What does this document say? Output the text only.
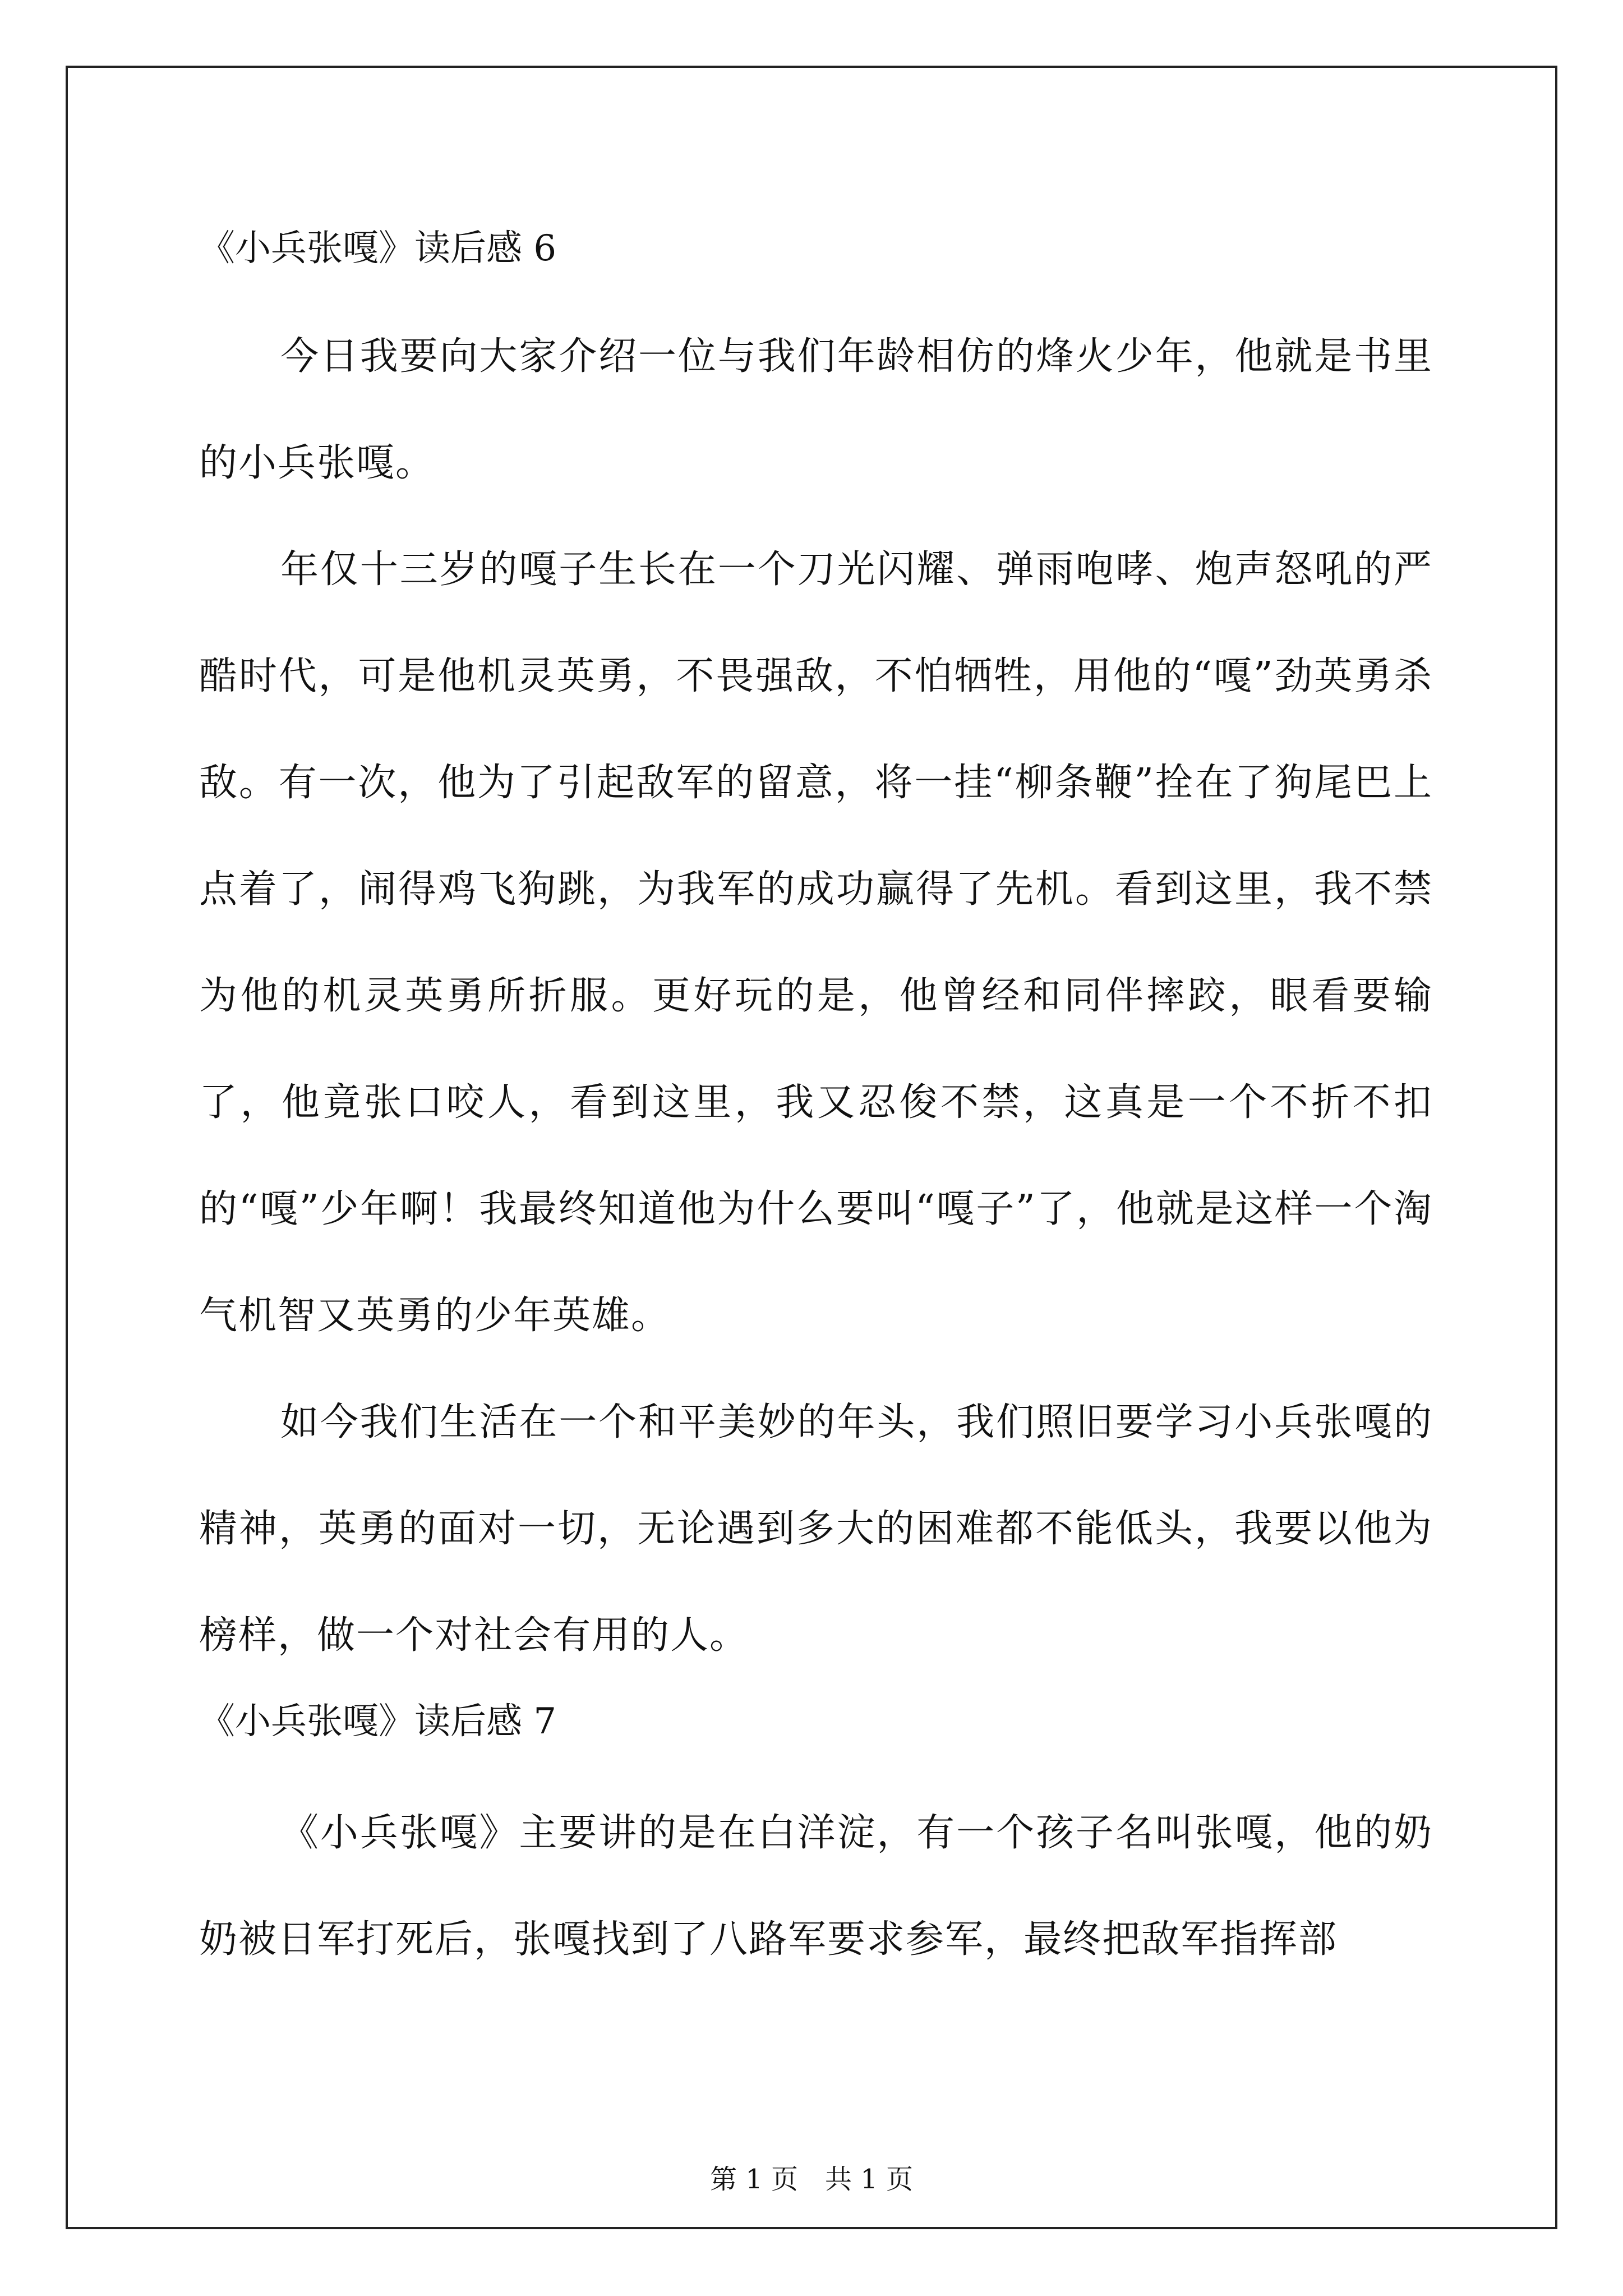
《小兵张嘎》读后感 6

今日我要向大家介绍一位与我们年龄相仿的烽火少年，他就是书里的小兵张嘎。

年仅十三岁的嘎子生长在一个刀光闪耀、弹雨咆哮、炮声怒吼的严酷时代，可是他机灵英勇，不畏强敌，不怕牺牲，用他的“嘎”劲英勇杀敌。有一次，他为了引起敌军的留意，将一挂“柳条鞭”拴在了狗尾巴上点着了，闹得鸡飞狗跳，为我军的成功赢得了先机。看到这里，我不禁为他的机灵英勇所折服。更好玩的是，他曾经和同伴摔跤，眼看要输了，他竟张口咬人，看到这里，我又忍俊不禁，这真是一个不折不扣的“嘎”少年啊！我最终知道他为什么要叫“嘎子”了，他就是这样一个淘气机智又英勇的少年英雄。

如今我们生活在一个和平美妙的年头，我们照旧要学习小兵张嘎的精神，英勇的面对一切，无论遇到多大的困难都不能低头，我要以他为榜样，做一个对社会有用的人。

《小兵张嘎》读后感 7

《小兵张嘎》主要讲的是在白洋淀，有一个孩子名叫张嘎，他的奶奶被日军打死后，张嘎找到了八路军要求参军，最终把敌军指挥部

第 1 页　共 1 页
